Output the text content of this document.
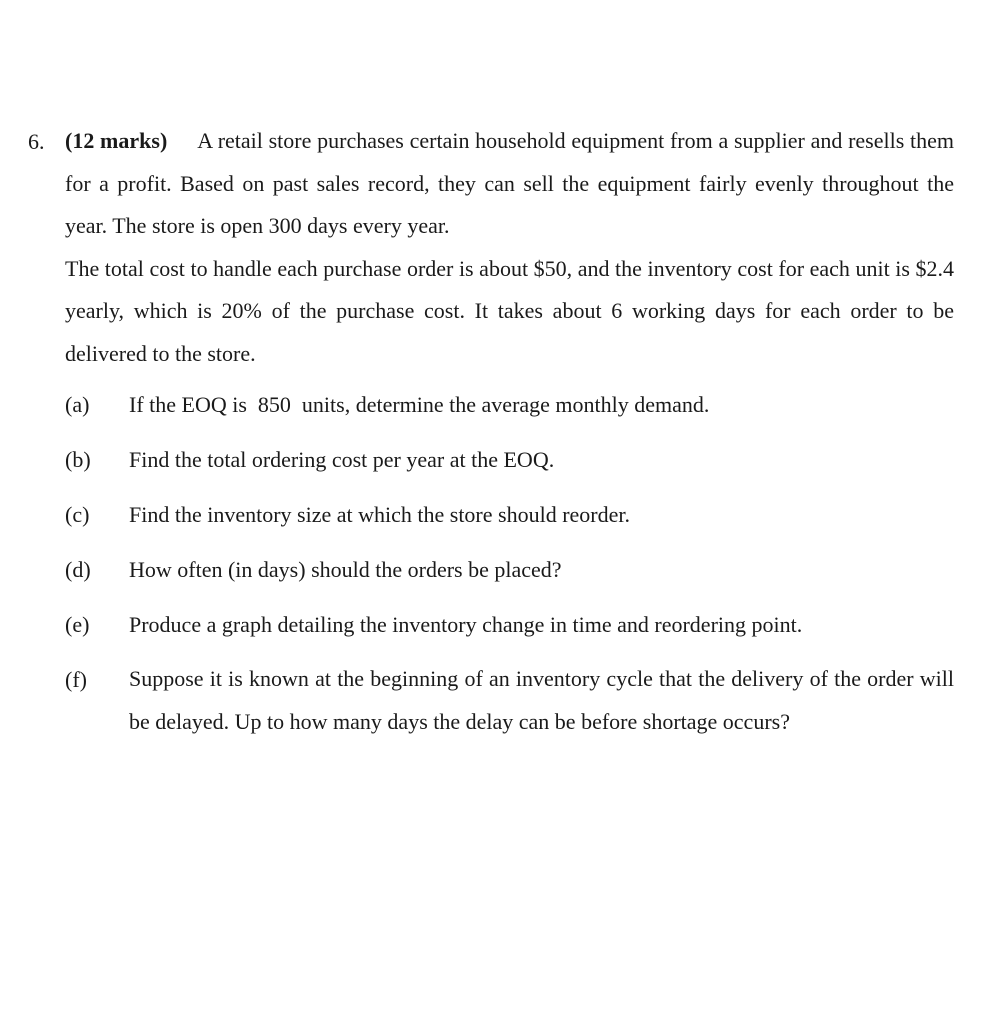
6. (12 marks) A retail store purchases certain household equipment from a supplier and resells them for a profit. Based on past sales record, they can sell the equipment fairly evenly throughout the year. The store is open 300 days every year.

The total cost to handle each purchase order is about $50, and the inventory cost for each unit is $2.4 yearly, which is 20% of the purchase cost. It takes about 6 working days for each order to be delivered to the store.

(a)	If the EOQ is  850  units, determine the average monthly demand.
(b)	Find the total ordering cost per year at the EOQ.
(c)	Find the inventory size at which the store should reorder.
(d)	How often (in days) should the orders be placed?
(e)	Produce a graph detailing the inventory change in time and reordering point.
(f)	Suppose it is known at the beginning of an inventory cycle that the delivery of the order will be delayed. Up to how many days the delay can be before shortage occurs?
